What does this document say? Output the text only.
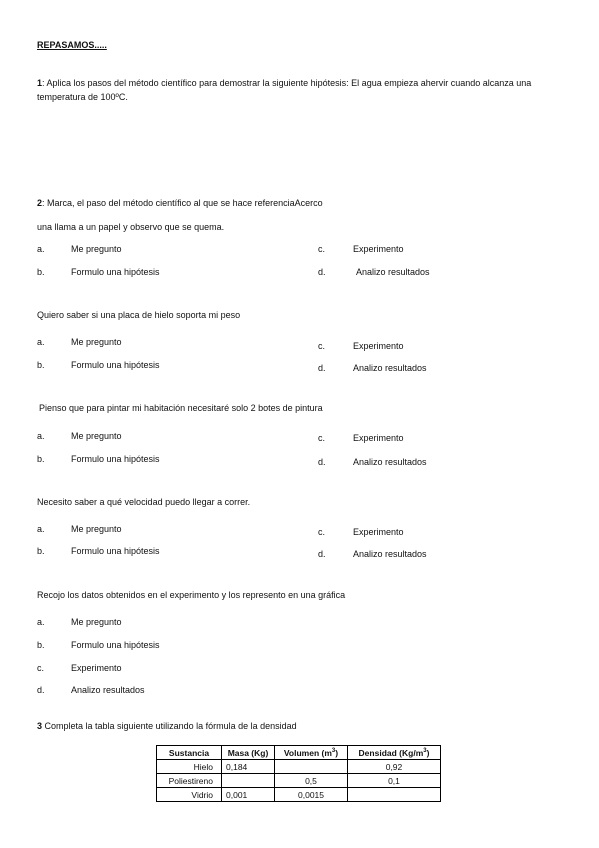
REPASAMOS.....
1: Aplica los pasos del método científico para demostrar la siguiente hipótesis: El agua empieza ahervir cuando alcanza una temperatura de 100ºC.
2: Marca, el paso del método científico al que se hace referenciaAcerco
una llama a un papel y observo que se quema.
a.	Me pregunto	c.	Experimento
b.	Formulo una hipótesis	d.	Analizo resultados
Quiero saber si una placa de hielo soporta mi peso
a.	Me pregunto	c.	Experimento
b.	Formulo una hipótesis	d.	Analizo resultados
Pienso que para pintar mi habitación necesitaré solo 2 botes de pintura
a.	Me pregunto	c.	Experimento
b.	Formulo una hipótesis	d.	Analizo resultados
Necesito saber a qué velocidad puedo llegar a correr.
a.	Me pregunto	c.	Experimento
b.	Formulo una hipótesis	d.	Analizo resultados
Recojo los datos obtenidos en el experimento y los represento en una gráfica
a.	Me pregunto
b.	Formulo una hipótesis
c.	Experimento
d.	Analizo resultados
3 Completa la tabla siguiente utilizando la fórmula de la densidad
Sustancia	Masa (Kg)	Volumen $(m^3)$	Densidad $(Kg/m^3)$
Hielo	0,184		0,92
Poliestireno		0,5	0,1
Vidrio	0,001	0,0015	
